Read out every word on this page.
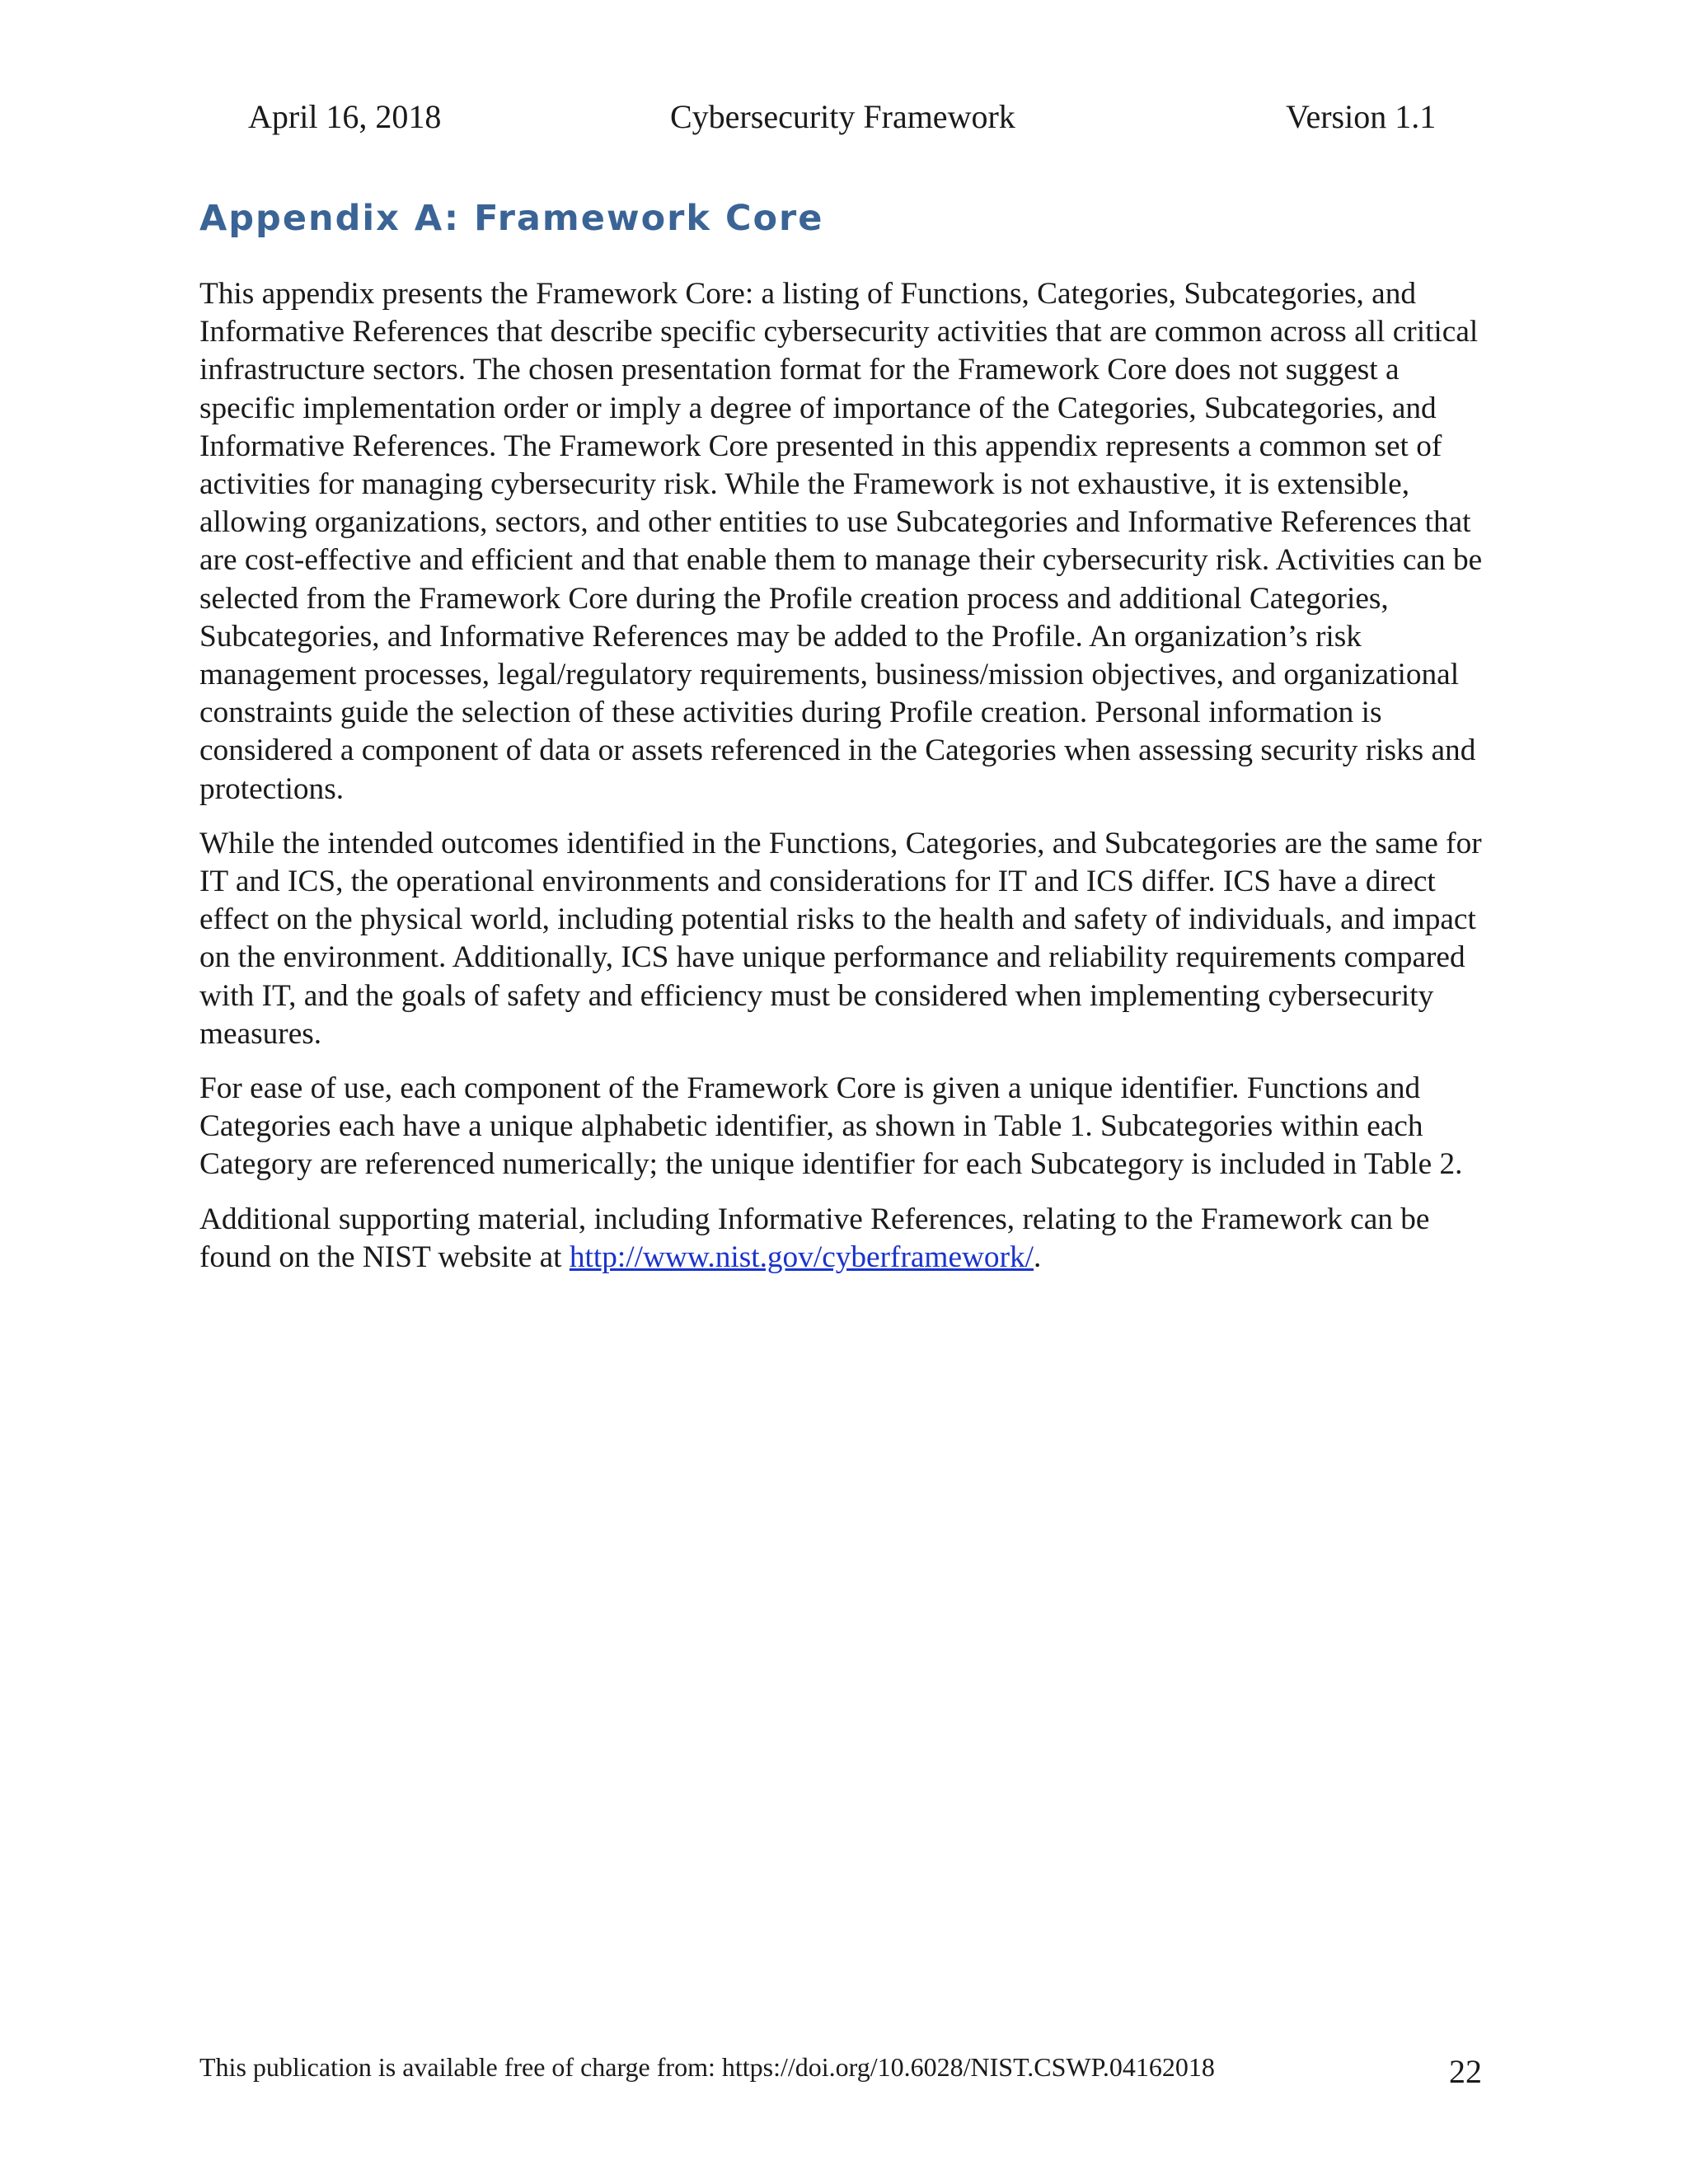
April 16, 2018	Cybersecurity Framework	Version 1.1
Appendix A: Framework Core

This appendix presents the Framework Core: a listing of Functions, Categories, Subcategories, and Informative References that describe specific cybersecurity activities that are common across all critical infrastructure sectors. The chosen presentation format for the Framework Core does not suggest a specific implementation order or imply a degree of importance of the Categories, Subcategories, and Informative References. The Framework Core presented in this appendix represents a common set of activities for managing cybersecurity risk. While the Framework is not exhaustive, it is extensible, allowing organizations, sectors, and other entities to use Subcategories and Informative References that are cost-effective and efficient and that enable them to manage their cybersecurity risk. Activities can be selected from the Framework Core during the Profile creation process and additional Categories, Subcategories, and Informative References may be added to the Profile. An organization’s risk management processes, legal/regulatory requirements, business/mission objectives, and organizational constraints guide the selection of these activities during Profile creation. Personal information is considered a component of data or assets referenced in the Categories when assessing security risks and protections.

While the intended outcomes identified in the Functions, Categories, and Subcategories are the same for IT and ICS, the operational environments and considerations for IT and ICS differ. ICS have a direct effect on the physical world, including potential risks to the health and safety of individuals, and impact on the environment. Additionally, ICS have unique performance and reliability requirements compared with IT, and the goals of safety and efficiency must be considered when implementing cybersecurity measures.

For ease of use, each component of the Framework Core is given a unique identifier. Functions and Categories each have a unique alphabetic identifier, as shown in Table 1. Subcategories within each Category are referenced numerically; the unique identifier for each Subcategory is included in Table 2.

Additional supporting material, including Informative References, relating to the Framework can be found on the NIST website at http://www.nist.gov/cyberframework/.

This publication is available free of charge from: https://doi.org/10.6028/NIST.CSWP.04162018	22
